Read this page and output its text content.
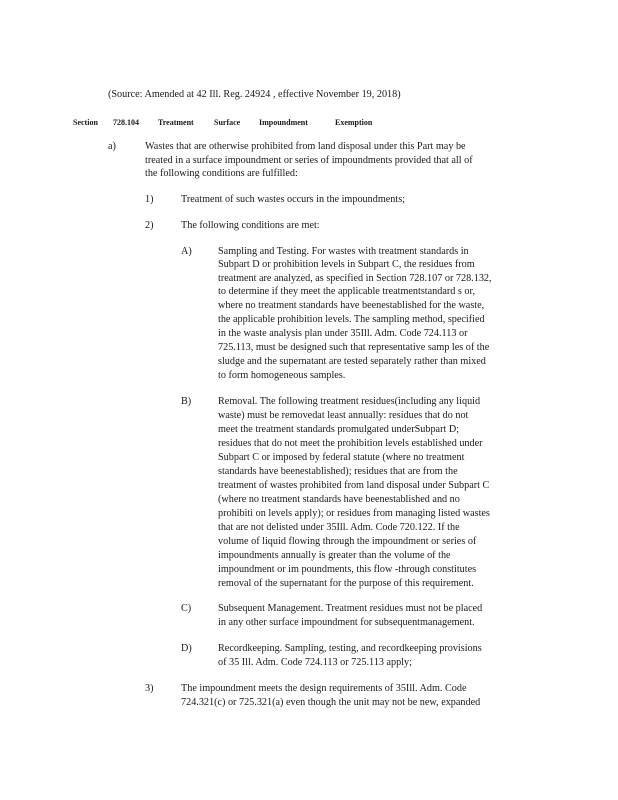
(Source: Amended at 42 Ill. Reg. 24924 , effective November 19, 2018)
Section 728.104 Treatment	Surface Impoundment	Exemption
a)	Wastes that are otherwise prohibited from land disposal under this Part may be
treated in a surface impoundment or series of impoundments provided that all of
the following conditions are fulfilled:
1)	Treatment of such wastes occurs in the impoundments;
2)	The following conditions are met:
A)	Sampling and Testing. For wastes with treatment standards in
Subpart D or prohibition levels in Subpart C, the residues from
treatment are analyzed, as specified in Section 728.107 or 728.132,
to determine if they meet the applicable treatmentstandard s or,
where no treatment standards have beenestablished for the waste,
the applicable prohibition levels. The sampling method, specified
in the waste analysis plan under 35Ill. Adm. Code 724.113 or
725.113, must be designed such that representative samp les of the
sludge and the supernatant are tested separately rather than mixed
to form homogeneous samples.
B)	Removal. The following treatment residues(including any liquid
waste) must be removedat least annually: residues that do not
meet the treatment standards promulgated underSubpart D;
residues that do not meet the prohibition levels established under
Subpart C or imposed by federal statute (where no treatment
standards have beenestablished); residues that are from the
treatment of wastes prohibited from land disposal under Subpart C
(where no treatment standards have beenestablished and no
prohibiti on levels apply); or residues from managing listed wastes
that are not delisted under 35Ill. Adm. Code 720.122. If the
volume of liquid flowing through the impoundment or series of
impoundments annually is greater than the volume of the
impoundment or im poundments, this flow -through constitutes
removal of the supernatant for the purpose of this requirement.
C)	Subsequent Management. Treatment residues must not be placed
in any other surface impoundment for subsequentmanagement.
D)	Recordkeeping. Sampling, testing, and recordkeeping provisions
of 35 Ill. Adm. Code 724.113 or 725.113 apply;
3)	The impoundment meets the design requirements of 35Ill. Adm. Code
724.321(c) or 725.321(a) even though the unit may not be new, expanded
